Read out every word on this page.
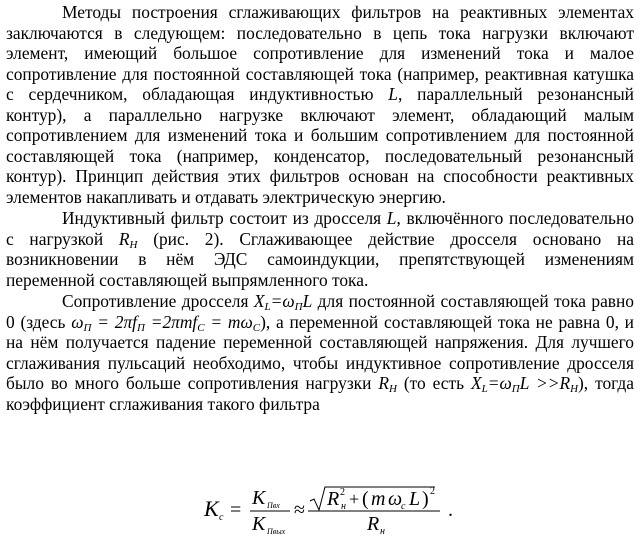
Методы построения сглаживающих фильтров на реактивных элементах заключаются в следующем: последовательно в цепь тока нагрузки включают элемент, имеющий большое сопротивление для изменений тока и малое сопротивление для постоянной составляющей тока (например, реактивная катушка с сердечником, обладающая индуктивностью L, параллельный резонансный контур), а параллельно нагрузке включают элемент, обладающий малым сопротивлением для изменений тока и большим сопротивлением для постоянной составляющей тока (например, конденсатор, последовательный резонансный контур). Принцип действия этих фильтров основан на способности реактивных элементов накапливать и отдавать электрическую энергию.

Индуктивный фильтр состоит из дросселя L, включённого последовательно с нагрузкой $R_H$ (рис. 2). Сглаживающее действие дросселя основано на возникновении в нём ЭДС самоиндукции, препятствующей изменениям переменной составляющей выпрямленного тока.

Сопротивление дросселя $X_L=\omega_ПL$ для постоянной составляющей тока равно 0 (здесь $\omega_П = 2\pi f_П =2\pi mf_C = m\omega_C$), а переменной составляющей тока не равна 0, и на нём получается падение переменной составляющей напряжения. Для лучшего сглаживания пульсаций необходимо, чтобы индуктивное сопротивление дросселя было во много больше сопротивления нагрузки $R_H$ (то есть $X_L=\omega_ПL >>R_H$), тогда коэффициент сглаживания такого фильтра

K c =
K Пвх
K Пвых
≈ R 2
н + ( m ω
с L ) 2
R н
.
